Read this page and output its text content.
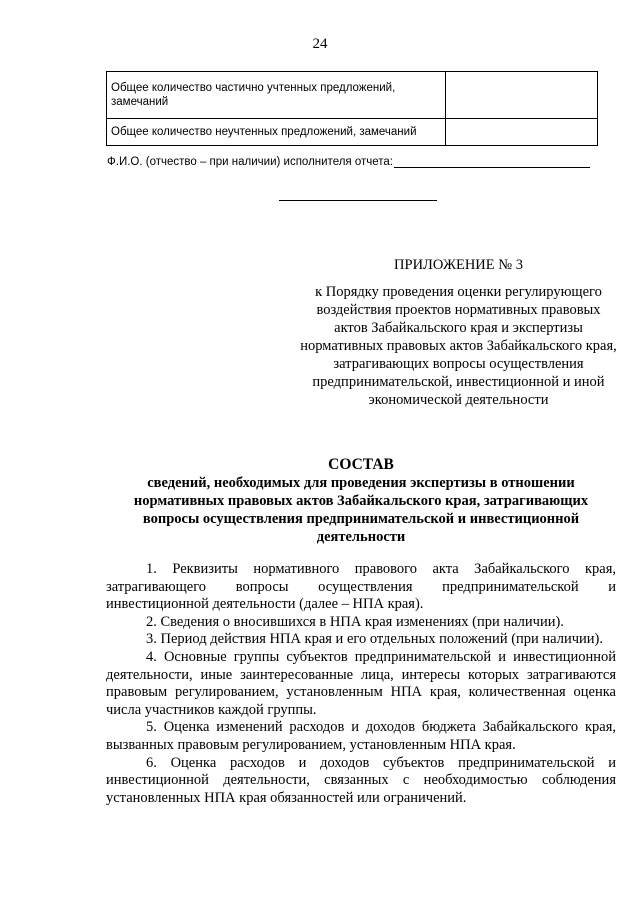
24
Общее количество частично учтенных предложений, замечаний	
Общее количество неучтенных предложений, замечаний	
Ф.И.О. (отчество – при наличии) исполнителя отчета:
ПРИЛОЖЕНИЕ № 3
к Порядку проведения оценки регулирующего воздействия проектов нормативных правовых актов Забайкальского края и экспертизы нормативных правовых актов Забайкальского края, затрагивающих вопросы осуществления предпринимательской, инвестиционной и иной экономической деятельности
СОСТАВ
сведений, необходимых для проведения экспертизы в отношении нормативных правовых актов Забайкальского края, затрагивающих вопросы осуществления предпринимательской и инвестиционной деятельности

1. Реквизиты нормативного правового акта Забайкальского края, затрагивающего вопросы осуществления предпринимательской и инвестиционной деятельности (далее – НПА края).

2. Сведения о вносившихся в НПА края изменениях (при наличии).

3. Период действия НПА края и его отдельных положений (при наличии).

4. Основные группы субъектов предпринимательской и инвестиционной деятельности, иные заинтересованные лица, интересы которых затрагиваются правовым регулированием, установленным НПА края, количественная оценка числа участников каждой группы.

5. Оценка изменений расходов и доходов бюджета Забайкальского края, вызванных правовым регулированием, установленным НПА края.

6. Оценка расходов и доходов субъектов предпринимательской и инвестиционной деятельности, связанных с необходимостью соблюдения установленных НПА края обязанностей или ограничений.
